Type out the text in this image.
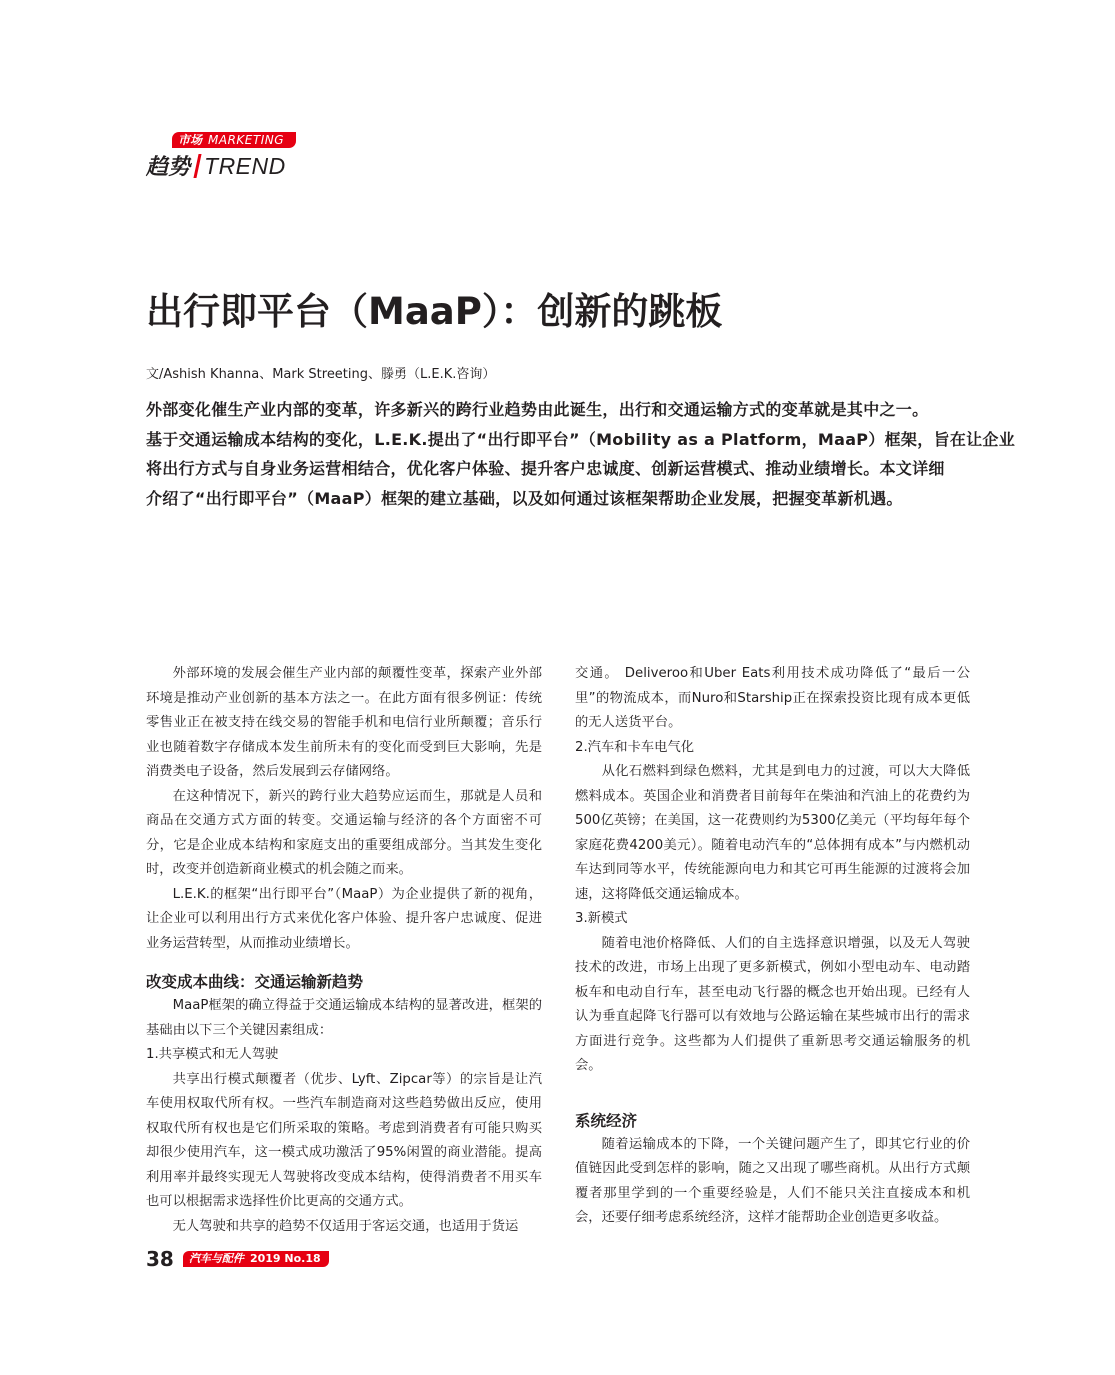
市场 MARKETING
趋势 TREND
出行即平台（MaaP）：创新的跳板
文/Ashish Khanna、Mark Streeting、滕勇（L.E.K.咨询）

外部变化催生产业内部的变革，许多新兴的跨行业趋势由此诞生，出行和交通运输方式的变革就是其中之一。

基于交通运输成本结构的变化，L.E.K.提出了“出行即平台”（Mobility as a Platform，MaaP）框架，旨在让企业

将出行方式与自身业务运营相结合，优化客户体验、提升客户忠诚度、创新运营模式、推动业绩增长。本文详细

介绍了“出行即平台”（MaaP）框架的建立基础，以及如何通过该框架帮助企业发展，把握变革新机遇。

外部环境的发展会催生产业内部的颠覆性变革，探索产业外部环境是推动产业创新的基本方法之一。在此方面有很多例证：传统零售业正在被支持在线交易的智能手机和电信行业所颠覆；音乐行业也随着数字存储成本发生前所未有的变化而受到巨大影响，先是消费类电子设备，然后发展到云存储网络。

在这种情况下，新兴的跨行业大趋势应运而生，那就是人员和商品在交通方式方面的转变。交通运输与经济的各个方面密不可分，它是企业成本结构和家庭支出的重要组成部分。当其发生变化时，改变并创造新商业模式的机会随之而来。

L.E.K.的框架“出行即平台”（MaaP）为企业提供了新的视角，让企业可以利用出行方式来优化客户体验、提升客户忠诚度、促进业务运营转型，从而推动业绩增长。

改变成本曲线：交通运输新趋势

MaaP框架的确立得益于交通运输成本结构的显著改进，框架的基础由以下三个关键因素组成：

1.共享模式和无人驾驶

共享出行模式颠覆者（优步、Lyft、Zipcar等）的宗旨是让汽车使用权取代所有权。一些汽车制造商对这些趋势做出反应，使用权取代所有权也是它们所采取的策略。考虑到消费者有可能只购买却很少使用汽车，这一模式成功激活了95%闲置的商业潜能。提高利用率并最终实现无人驾驶将改变成本结构，使得消费者不用买车也可以根据需求选择性价比更高的交通方式。

无人驾驶和共享的趋势不仅适用于客运交通，也适用于货运

交通。 Deliveroo和Uber Eats利用技术成功降低了“最后一公里”的物流成本，而Nuro和Starship正在探索投资比现有成本更低的无人送货平台。

2.汽车和卡车电气化

从化石燃料到绿色燃料，尤其是到电力的过渡，可以大大降低燃料成本。英国企业和消费者目前每年在柴油和汽油上的花费约为500亿英镑；在美国，这一花费则约为5300亿美元（平均每年每个家庭花费4200美元）。随着电动汽车的“总体拥有成本”与内燃机动车达到同等水平，传统能源向电力和其它可再生能源的过渡将会加速，这将降低交通运输成本。

3.新模式

随着电池价格降低、人们的自主选择意识增强，以及无人驾驶技术的改进，市场上出现了更多新模式，例如小型电动车、电动踏板车和电动自行车，甚至电动飞行器的概念也开始出现。已经有人认为垂直起降飞行器可以有效地与公路运输在某些城市出行的需求方面进行竞争。这些都为人们提供了重新思考交通运输服务的机会。

系统经济

随着运输成本的下降，一个关键问题产生了，即其它行业的价值链因此受到怎样的影响，随之又出现了哪些商机。从出行方式颠覆者那里学到的一个重要经验是，人们不能只关注直接成本和机会，还要仔细考虑系统经济，这样才能帮助企业创造更多收益。

38 汽车与配件 2019 No.18
